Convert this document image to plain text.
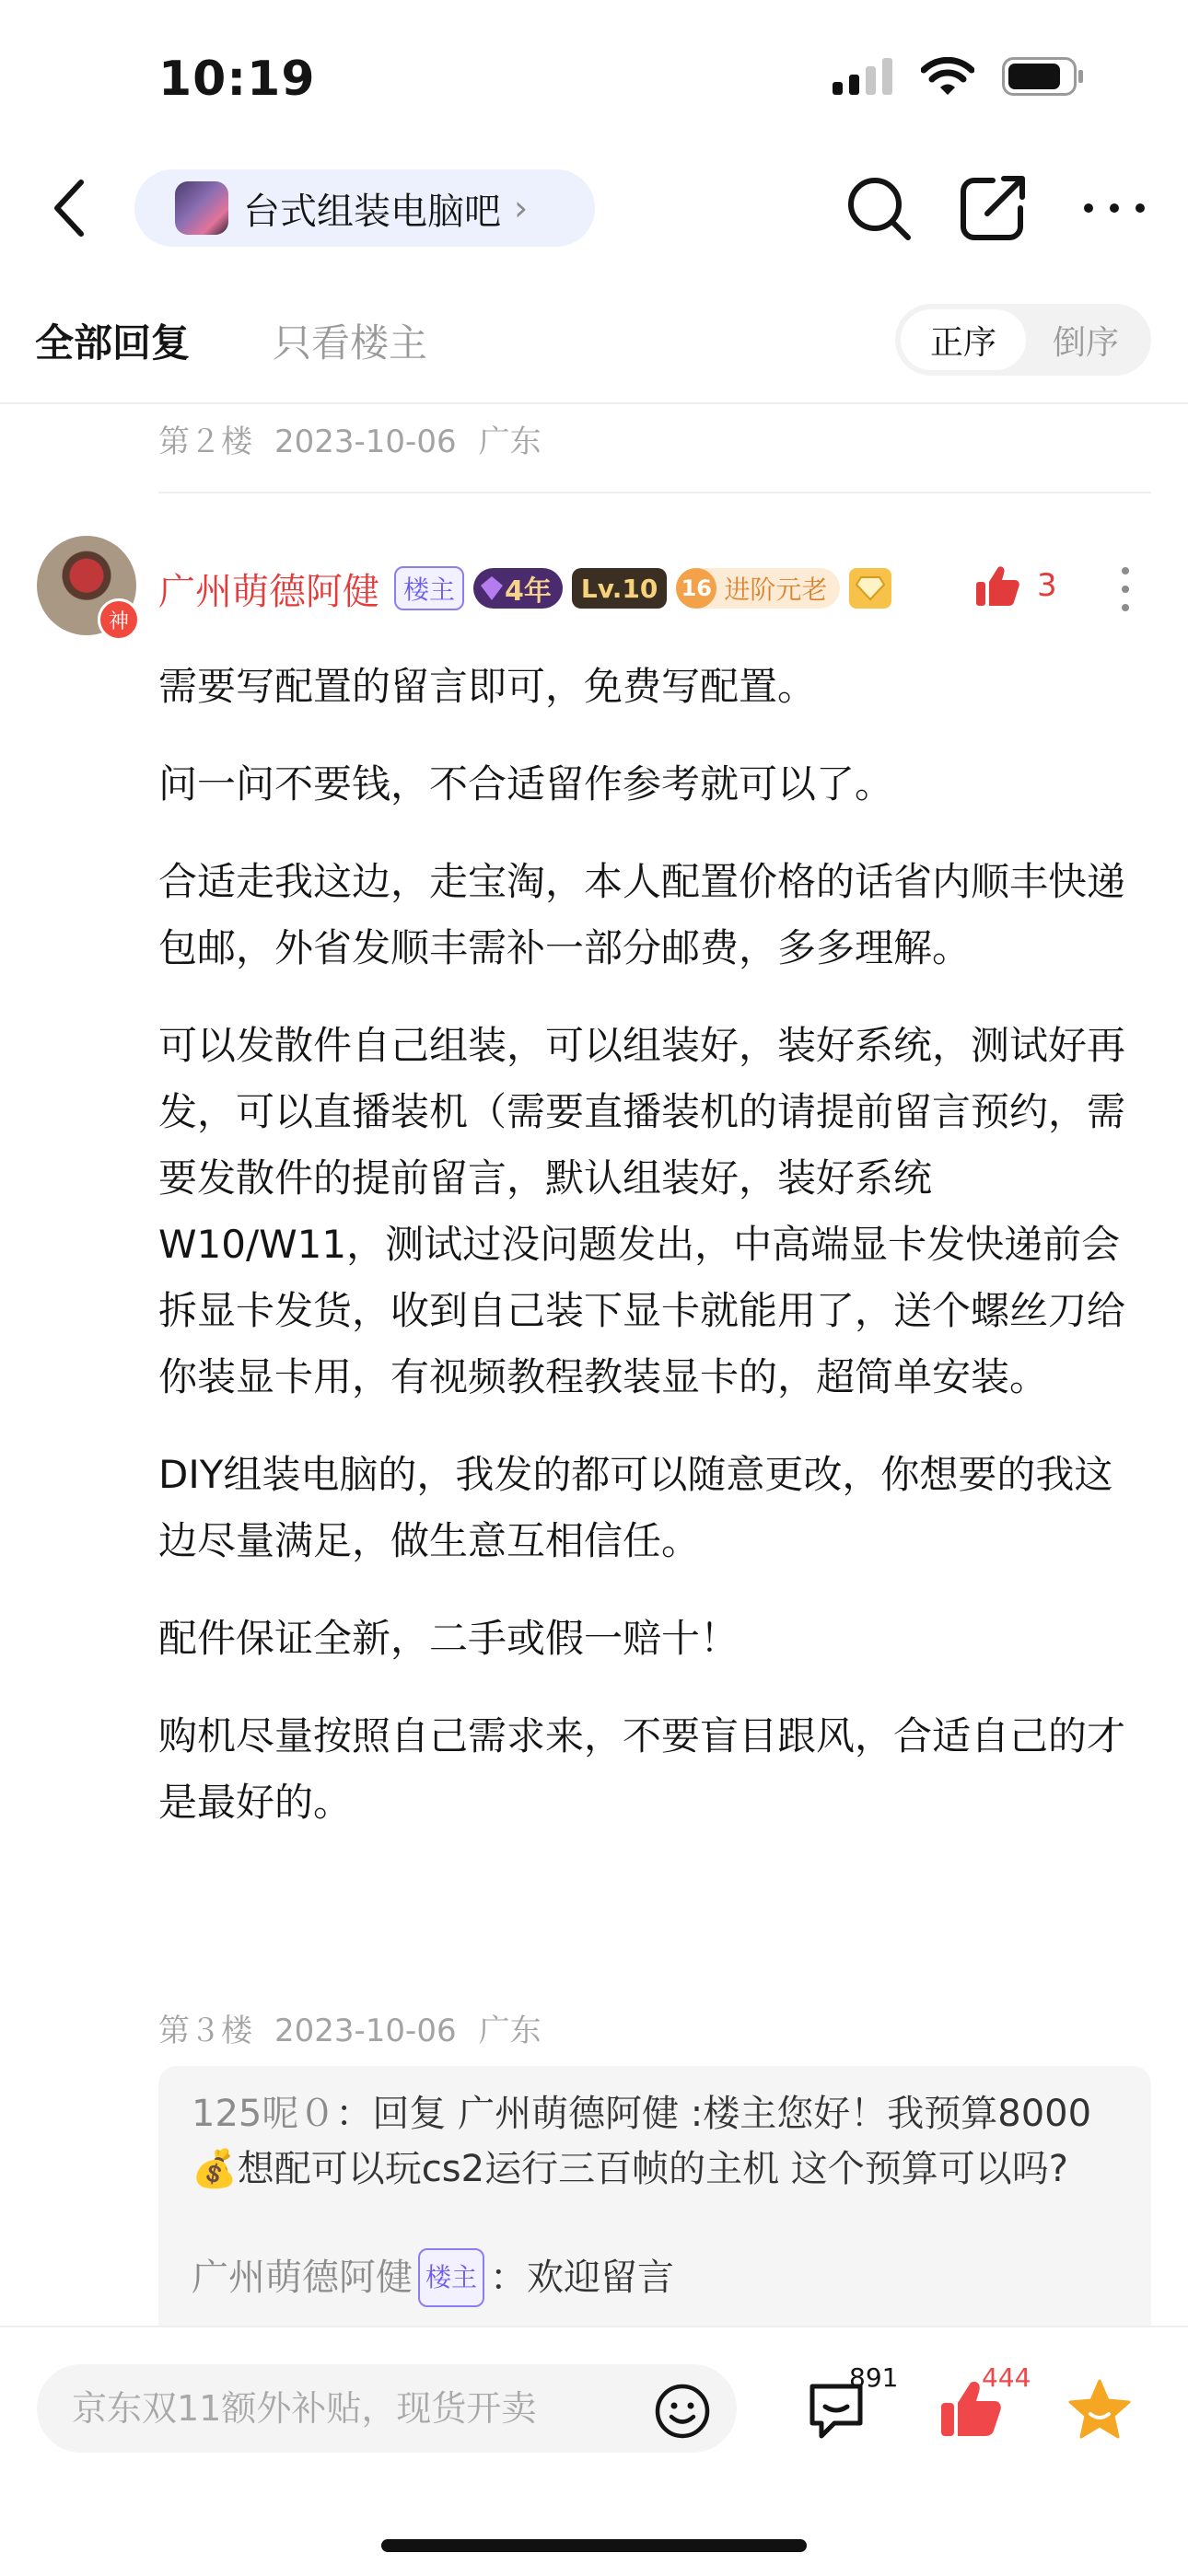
10:19
台式组装电脑吧 ›
全部回复 只看楼主	正序	倒序
第２楼 2023-10-06 广东
神
广州萌德阿健 楼主	4年	Lv.10	16 进阶元老	3

需要写配置的留言即可，免费写配置。

问一问不要钱，不合适留作参考就可以了。

合适走我这边，走宝淘，本人配置价格的话省内顺丰快递包邮，外省发顺丰需补一部分邮费，多多理解。

可以发散件自己组装，可以组装好，装好系统，测试好再发，可以直播装机（需要直播装机的请提前留言预约，需要发散件的提前留言，默认组装好，装好系统W10/W11，测试过没问题发出，中高端显卡发快递前会拆显卡发货，收到自己装下显卡就能用了，送个螺丝刀给你装显卡用，有视频教程教装显卡的，超简单安装。

DIY组装电脑的，我发的都可以随意更改，你想要的我这边尽量满足，做生意互相信任。

配件保证全新，二手或假一赔十！

购机尽量按照自己需求来，不要盲目跟风，合适自己的才是最好的。

第３楼 2023-10-06 广东
125呢０：回复 广州萌德阿健 :楼主您好！我预算8000💰想配可以玩cs2运行三百帧的主机 这个预算可以吗?
广州萌德阿健 楼主 ：欢迎留言
京东双11额外补贴，现货开卖
891	444
